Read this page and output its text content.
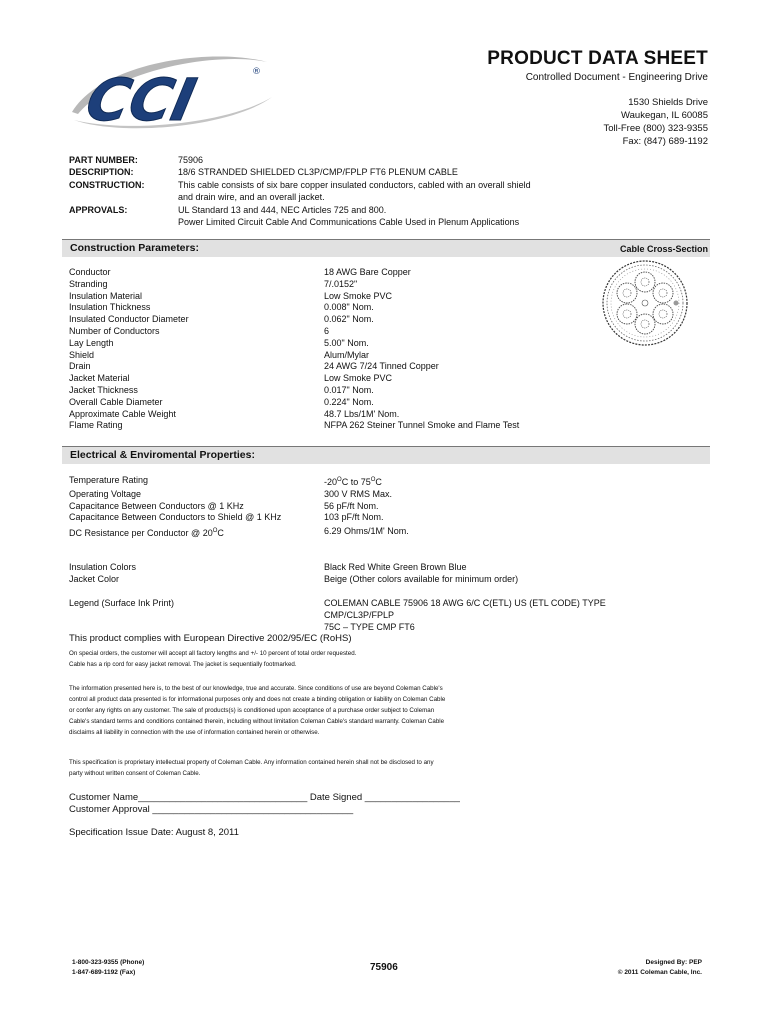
CCI	®
PRODUCT DATA SHEET
Controlled Document - Engineering Drive
1530 Shields Drive
Waukegan, IL 60085
Toll-Free (800) 323-9355
Fax: (847) 689-1192
PART NUMBER:	75906
DESCRIPTION:	18/6 STRANDED SHIELDED CL3P/CMP/FPLP FT6 PLENUM CABLE
CONSTRUCTION:	This cable consists of six bare copper insulated conductors, cabled with an overall shield
and drain wire, and an overall jacket.
APPROVALS:	UL Standard 13 and 444, NEC Articles 725 and 800.
Power Limited Circuit Cable And Communications Cable Used in Plenum Applications
Construction Parameters:	Cable Cross-Section
Conductor	18 AWG Bare Copper
Stranding	7/.0152"
Insulation Material	Low Smoke PVC
Insulation Thickness	0.008" Nom.
Insulated Conductor Diameter	0.062" Nom.
Number of Conductors	6
Lay Length	5.00" Nom.
Shield	Alum/Mylar
Drain	24 AWG 7/24 Tinned Copper
Jacket Material	Low Smoke PVC
Jacket Thickness	0.017" Nom.
Overall Cable Diameter	0.224" Nom.
Approximate Cable Weight	48.7 Lbs/1M' Nom.
Flame Rating	NFPA 262 Steiner Tunnel Smoke and Flame Test
Electrical & Enviromental Properties:
Temperature Rating	$-20^OC$ to $75^OC$
Operating Voltage	300 V RMS Max.
Capacitance Between Conductors @ 1 KHz	56 pF/ft Nom.
Capacitance Between Conductors to Shield @ 1 KHz	103 pF/ft Nom.
DC Resistance per Conductor @ $20^OC$	6.29 Ohms/1M' Nom.
Insulation Colors	Black Red White Green Brown Blue
Jacket Color	Beige (Other colors available for minimum order)
Legend (Surface Ink Print)	COLEMAN CABLE 75906 18 AWG 6/C C(ETL) US (ETL CODE) TYPE CMP/CL3P/FPLP
75C – TYPE CMP FT6
This product complies with European Directive 2002/95/EC (RoHS)
On special orders, the customer will accept all factory lengths and +/- 10 percent of total order requested.
Cable has a rip cord for easy jacket removal. The jacket is sequentially footmarked.
The information presented here is, to the best of our knowledge, true and accurate. Since conditions of use are beyond Coleman Cable's
control all product data presented is for informational purposes only and does not create a binding obligation or liability on Coleman Cable
or confer any rights on any customer. The sale of products(s) is conditioned upon acceptance of a purchase order subject to Coleman
Cable's standard terms and conditions contained therein, including without limitation Coleman Cable's standard warranty. Coleman Cable
disclaims all liability in connection with the use of information contained herein or otherwise.
This specification is proprietary intellectual property of Coleman Cable. Any information contained herein shall not be disclosed to any
party without written consent of Coleman Cable.
Customer Name________________________________ Date Signed __________________
Customer Approval ______________________________________
Specification Issue Date: August 8, 2011
1-800-323-9355 (Phone)
1-847-689-1192 (Fax)	75906	Designed By: PEP
© 2011 Coleman Cable, Inc.
